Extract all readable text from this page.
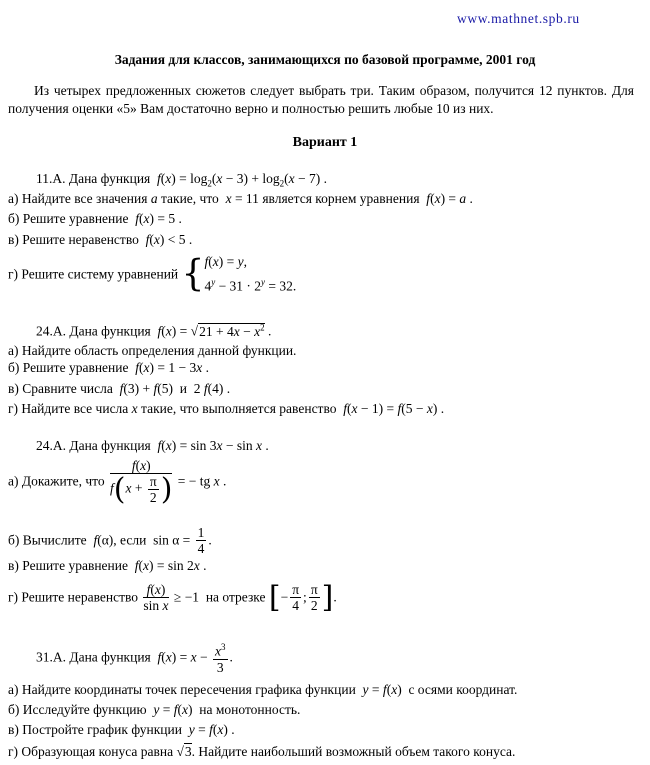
www.mathnet.spb.ru
Задания для классов, занимающихся по базовой программе, 2001 год
Из четырех предложенных сюжетов следует выбрать три. Таким образом, получится 12 пунктов. Для получения оценки «5» Вам достаточно верно и полностью решить любые 10 из них.
Вариант 1
11.А. Дана функция $f(x) = \log_2(x - 3) + \log_2(x - 7)$ .
а) Найдите все значения a такие, что x = 11 является корнем уравнения f(x) = a .
б) Решите уравнение f(x) = 5 .
в) Решите неравенство f(x) < 5 .
г) Решите систему уравнений {f(x) = y,
$4^y - 31 \cdot 2^y = 32$.
24.А. Дана функция $f(x) = √21 + 4x - x^2$ .
а) Найдите область определения данной функции.
б) Решите уравнение f(x) = 1 − 3x .
в) Сравните числа f(3) + f(5)  и  2 f(4) .
г) Найдите все числа x такие, что выполняется равенство f(x − 1) = f(5 − x) .
24.А. Дана функция f(x) = sin 3x − sin x .
а) Докажите, что $\frac{f(x)}{f(x + \frac{\pi}{2} )}$ = − tg x .
б) Вычислите f(α), если  $\sin \alpha = \frac{1}{4}$ .
в) Решите уравнение f(x) = sin 2x .
г) Решите неравенство $\frac{f(x)}{\text{sin x}} \ge -1$  на отрезке [− $\frac{\pi}{4}$ ; $\frac{\pi}{2}$ ].
31.А. Дана функция $f(x) = x - \frac{x^3}{3}$ .
а) Найдите координаты точек пересечения графика функции y = f(x)  с осями координат.
б) Исследуйте функцию y = f(x)  на монотонность.
в) Постройте график функции y = f(x) .
г) Образующая конуса равна √3. Найдите наибольший возможный объем такого конуса.
